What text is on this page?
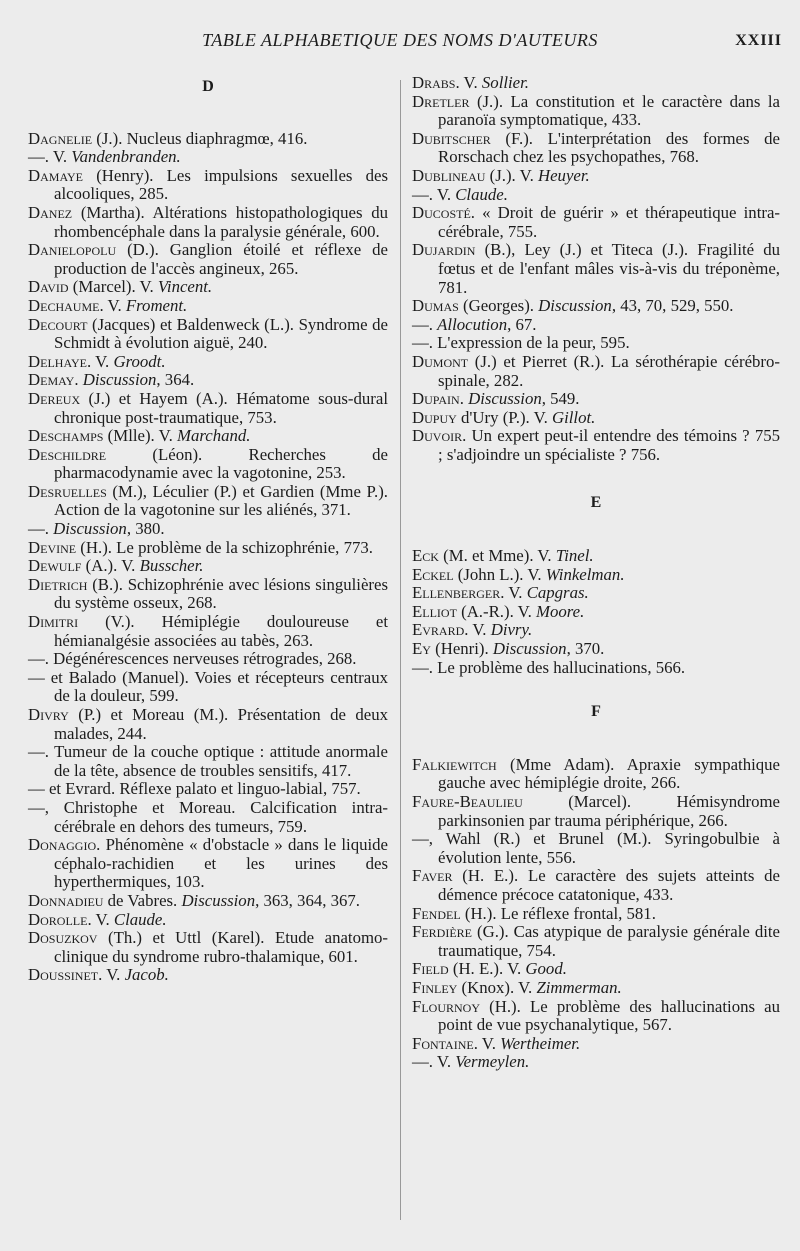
TABLE ALPHABETIQUE DES NOMS D'AUTEURS	XXIII
D

Dagnelie (J.). Nucleus diaphragmœ, 416.

—. V. Vandenbranden.

Damaye (Henry). Les impulsions sexuelles des alcooliques, 285.

Danez (Martha). Altérations histopathologiques du rhombencéphale dans la paralysie générale, 600.

Danielopolu (D.). Ganglion étoilé et réflexe de production de l'accès angineux, 265.

David (Marcel). V. Vincent.

Dechaume. V. Froment.

Decourt (Jacques) et Baldenweck (L.). Syndrome de Schmidt à évolution aiguë, 240.

Delhaye. V. Groodt.

Demay. Discussion, 364.

Dereux (J.) et Hayem (A.). Hématome sous-dural chronique post-traumatique, 753.

Deschamps (Mlle). V. Marchand.

Deschildre (Léon). Recherches de pharmacodynamie avec la vagotonine, 253.

Desruelles (M.), Léculier (P.) et Gardien (Mme P.). Action de la vagotonine sur les aliénés, 371.

—. Discussion, 380.

Devine (H.). Le problème de la schizophrénie, 773.

Dewulf (A.). V. Busscher.

Dietrich (B.). Schizophrénie avec lésions singulières du système osseux, 268.

Dimitri (V.). Hémiplégie douloureuse et hémianalgésie associées au tabès, 263.

—. Dégénérescences nerveuses rétrogrades, 268.

— et Balado (Manuel). Voies et récepteurs centraux de la douleur, 599.

Divry (P.) et Moreau (M.). Présentation de deux malades, 244.

—. Tumeur de la couche optique : attitude anormale de la tête, absence de troubles sensitifs, 417.

— et Evrard. Réflexe palato et linguo-labial, 757.

—, Christophe et Moreau. Calcification intra-cérébrale en dehors des tumeurs, 759.

Donaggio. Phénomène « d'obstacle » dans le liquide céphalo-rachidien et les urines des hyperthermiques, 103.

Donnadieu de Vabres. Discussion, 363, 364, 367.

Dorolle. V. Claude.

Dosuzkov (Th.) et Uttl (Karel). Etude anatomo-clinique du syndrome rubro-thalamique, 601.

Doussinet. V. Jacob.

Drabs. V. Sollier.

Dretler (J.). La constitution et le caractère dans la paranoïa symptomatique, 433.

Dubitscher (F.). L'interprétation des formes de Rorschach chez les psychopathes, 768.

Dublineau (J.). V. Heuyer.

—. V. Claude.

Ducosté. « Droit de guérir » et thérapeutique intra-cérébrale, 755.

Dujardin (B.), Ley (J.) et Titeca (J.). Fragilité du fœtus et de l'enfant mâles vis-à-vis du tréponème, 781.

Dumas (Georges). Discussion, 43, 70, 529, 550.

—. Allocution, 67.

—. L'expression de la peur, 595.

Dumont (J.) et Pierret (R.). La sérothérapie cérébro-spinale, 282.

Dupain. Discussion, 549.

Dupuy d'Ury (P.). V. Gillot.

Duvoir. Un expert peut-il entendre des témoins ? 755 ; s'adjoindre un spécialiste ? 756.

E

Eck (M. et Mme). V. Tinel.

Eckel (John L.). V. Winkelman.

Ellenberger. V. Capgras.

Elliot (A.-R.). V. Moore.

Evrard. V. Divry.

Ey (Henri). Discussion, 370.

—. Le problème des hallucinations, 566.

F

Falkiewitch (Mme Adam). Apraxie sympathique gauche avec hémiplégie droite, 266.

Faure-Beaulieu (Marcel). Hémisyndrome parkinsonien par trauma périphérique, 266.

—, Wahl (R.) et Brunel (M.). Syringobulbie à évolution lente, 556.

Faver (H. E.). Le caractère des sujets atteints de démence précoce catatonique, 433.

Fendel (H.). Le réflexe frontal, 581.

Ferdière (G.). Cas atypique de paralysie générale dite traumatique, 754.

Field (H. E.). V. Good.

Finley (Knox). V. Zimmerman.

Flournoy (H.). Le problème des hallucinations au point de vue psychanalytique, 567.

Fontaine. V. Wertheimer.

—. V. Vermeylen.
